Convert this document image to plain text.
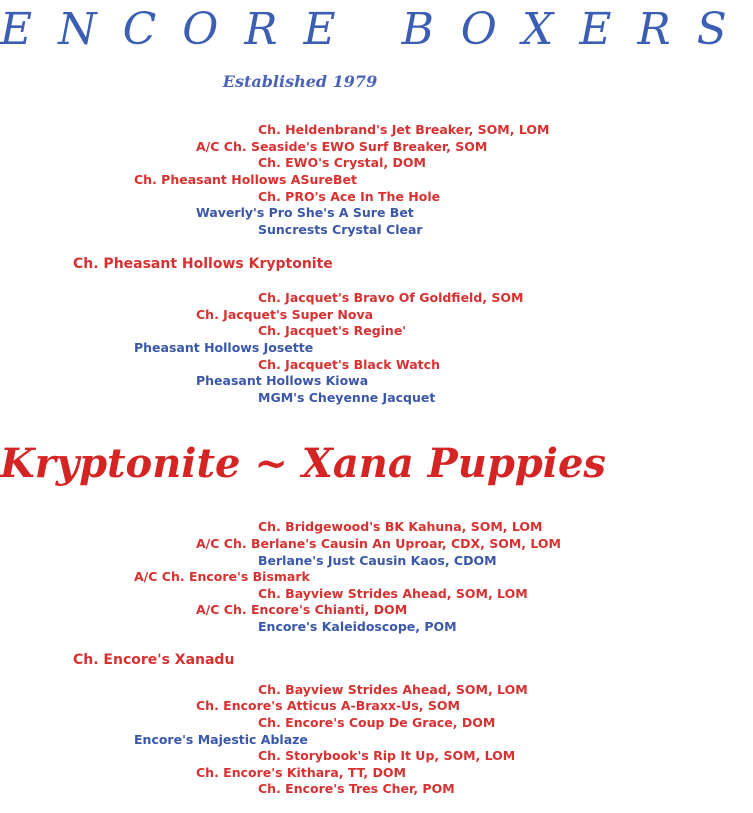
ENCORE BOXERS
Established 1979
Ch. Heldenbrand's Jet Breaker, SOM, LOM
A/C Ch. Seaside's EWO Surf Breaker, SOM
Ch. EWO's Crystal, DOM
Ch. Pheasant Hollows ASureBet
Ch. PRO's Ace In The Hole
Waverly's Pro She's A Sure Bet
Suncrests Crystal Clear
Ch. Pheasant Hollows Kryptonite
Ch. Jacquet's Bravo Of Goldfield, SOM
Ch. Jacquet's Super Nova
Ch. Jacquet's Regine'
Pheasant Hollows Josette
Ch. Jacquet's Black Watch
Pheasant Hollows Kiowa
MGM's Cheyenne Jacquet
Kryptonite ~ Xana Puppies
Ch. Bridgewood's BK Kahuna, SOM, LOM
A/C Ch. Berlane's Causin An Uproar, CDX, SOM, LOM
Berlane's Just Causin Kaos, CDOM
A/C Ch. Encore's Bismark
Ch. Bayview Strides Ahead, SOM, LOM
A/C Ch. Encore's Chianti, DOM
Encore's Kaleidoscope, POM
Ch. Encore's Xanadu
Ch. Bayview Strides Ahead, SOM, LOM
Ch. Encore's Atticus A-Braxx-Us, SOM
Ch. Encore's Coup De Grace, DOM
Encore's Majestic Ablaze
Ch. Storybook's Rip It Up, SOM, LOM
Ch. Encore's Kithara, TT, DOM
Ch. Encore's Tres Cher, POM
